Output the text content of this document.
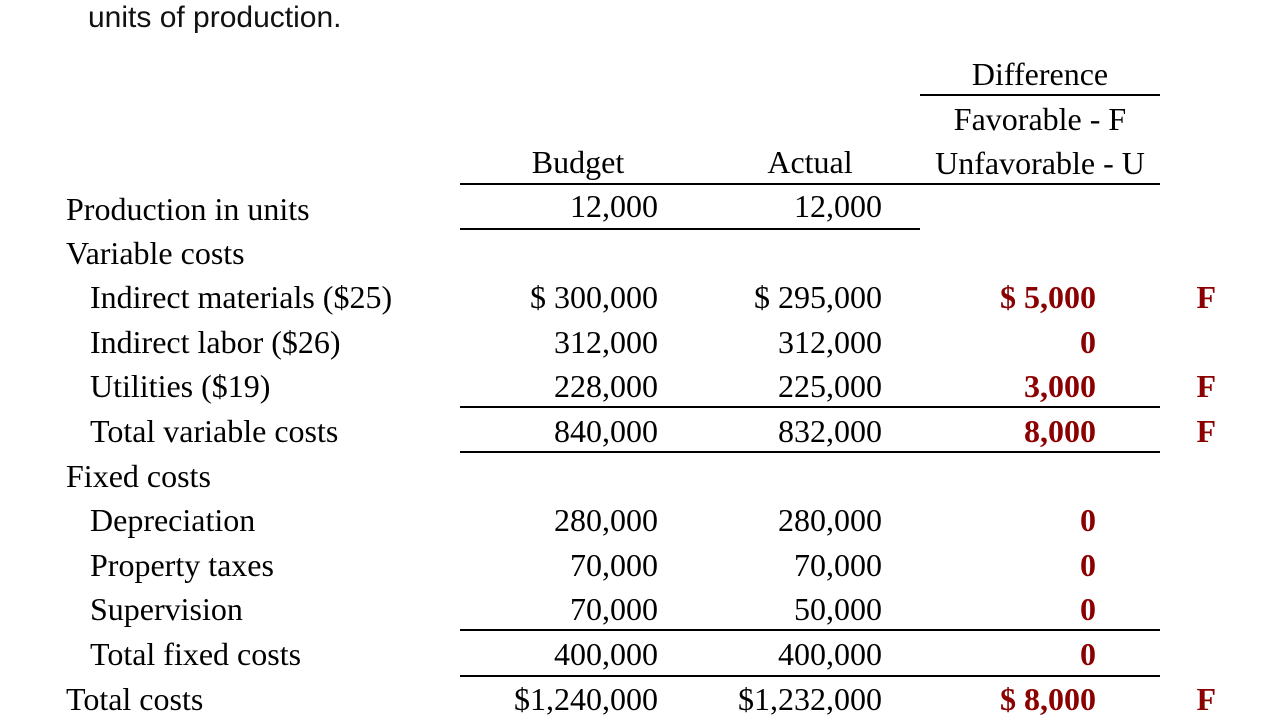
units of production.
Difference
Favorable - F
Unfavorable - U
Budget	Actual
Production in units	12,000	12,000
Variable costs
Indirect materials ($25)	$ 300,000	$ 295,000	$ 5,000	F
Indirect labor ($26)	312,000	312,000	0
Utilities ($19)	228,000	225,000	3,000	F
Total variable costs	840,000	832,000	8,000	F
Fixed costs
Depreciation	280,000	280,000	0
Property taxes	70,000	70,000	0
Supervision	70,000	50,000	0
Total fixed costs	400,000	400,000	0
Total costs	$1,240,000	$1,232,000	$ 8,000	F
